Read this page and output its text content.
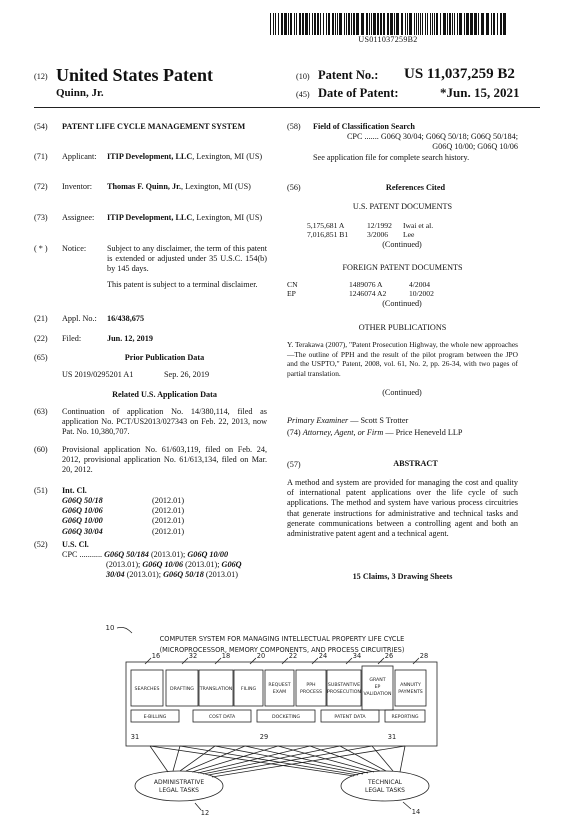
US011037259B2
(12) United States Patent
Quinn, Jr.
(10) Patent No.: US 11,037,259 B2
(45) Date of Patent:	*Jun. 15, 2021
(54) PATENT LIFE CYCLE MANAGEMENT SYSTEM
(71) Applicant: ITIP Development, LLC, Lexington, MI (US)
(72) Inventor: Thomas F. Quinn, Jr., Lexington, MI (US)
(73) Assignee: ITIP Development, LLC, Lexington, MI (US)
( * ) Notice:	Subject to any disclaimer, the term of this patent is extended or adjusted under 35 U.S.C. 154(b) by 145 days.
This patent is subject to a terminal disclaimer.
(21) Appl. No.: 16/438,675
(22) Filed:	Jun. 12, 2019
(65)	Prior Publication Data
US 2019/0295201 A1	Sep. 26, 2019
Related U.S. Application Data
(63) Continuation of application No. 14/380,114, filed as application No. PCT/US2013/027343 on Feb. 22, 2013, now Pat. No. 10,380,707.
(60) Provisional application No. 61/603,119, filed on Feb. 24, 2012, provisional application No. 61/613,134, filed on Mar. 20, 2012.
(51) Int. Cl.
G06Q 50/18	(2012.01)
G06Q 10/06	(2012.01)
G06Q 10/00	(2012.01)
G06Q 30/04	(2012.01)
(52) U.S. Cl.
CPC ........... G06Q 50/184 (2013.01); G06Q 10/00
(2013.01); G06Q 10/06 (2013.01); G06Q
30/04 (2013.01); G06Q 50/18 (2013.01)
(58) Field of Classification Search
CPC ....... G06Q 30/04; G06Q 50/18; G06Q 50/184;
G06Q 10/00; G06Q 10/06
See application file for complete search history.
(56)	References Cited
U.S. PATENT DOCUMENTS
5,175,681 A	12/1992 Iwai et al.
7,016,851 B1 3/2006 Lee
(Continued)
FOREIGN PATENT DOCUMENTS
CN	1489076 A	4/2004
EP	1246074 A2	10/2002
(Continued)
OTHER PUBLICATIONS
Y. Terakawa (2007), "Patent Prosecution Highway, the whole new approaches—The outline of PPH and the result of the pilot program between the JPO and the USPTO," Patent, 2008, vol. 61, No. 2, pp. 26-34, with two pages of partial translation.
(Continued)
Primary Examiner — Scott S Trotter
(74) Attorney, Agent, or Firm — Price Heneveld LLP
(57)	ABSTRACT
A method and system are provided for managing the cost and quality of international patent applications over the life cycle of such applications. The method and system have various process circuitries that generate instructions for administrative and technical tasks and generate communications between a controlling agent and both an administrative patent agent and a technical agent.
15 Claims, 3 Drawing Sheets
10
COMPUTER SYSTEM FOR MANAGING INTELLECTUAL PROPERTY LIFE CYCLE
(MICROPROCESSOR, MEMORY COMPONENTS, AND PROCESS CIRCUITRIES)
16	32	18	20	22	24	34	26	28
SEARCHES DRAFTING TRANSLATION FILING
REQUEST
EXAM
PPH
PROCESS
SUBSTANTIVE
PROSECUTION
GRANT
EP
VALIDATION
ANNUITY
PAYMENTS
E-BILLING	COST DATA	DOCKETING	PATENT DATA	REPORTING
31	29	31
ADMINISTRATIVE
LEGAL TASKS
TECHNICAL
LEGAL TASKS
12	14
